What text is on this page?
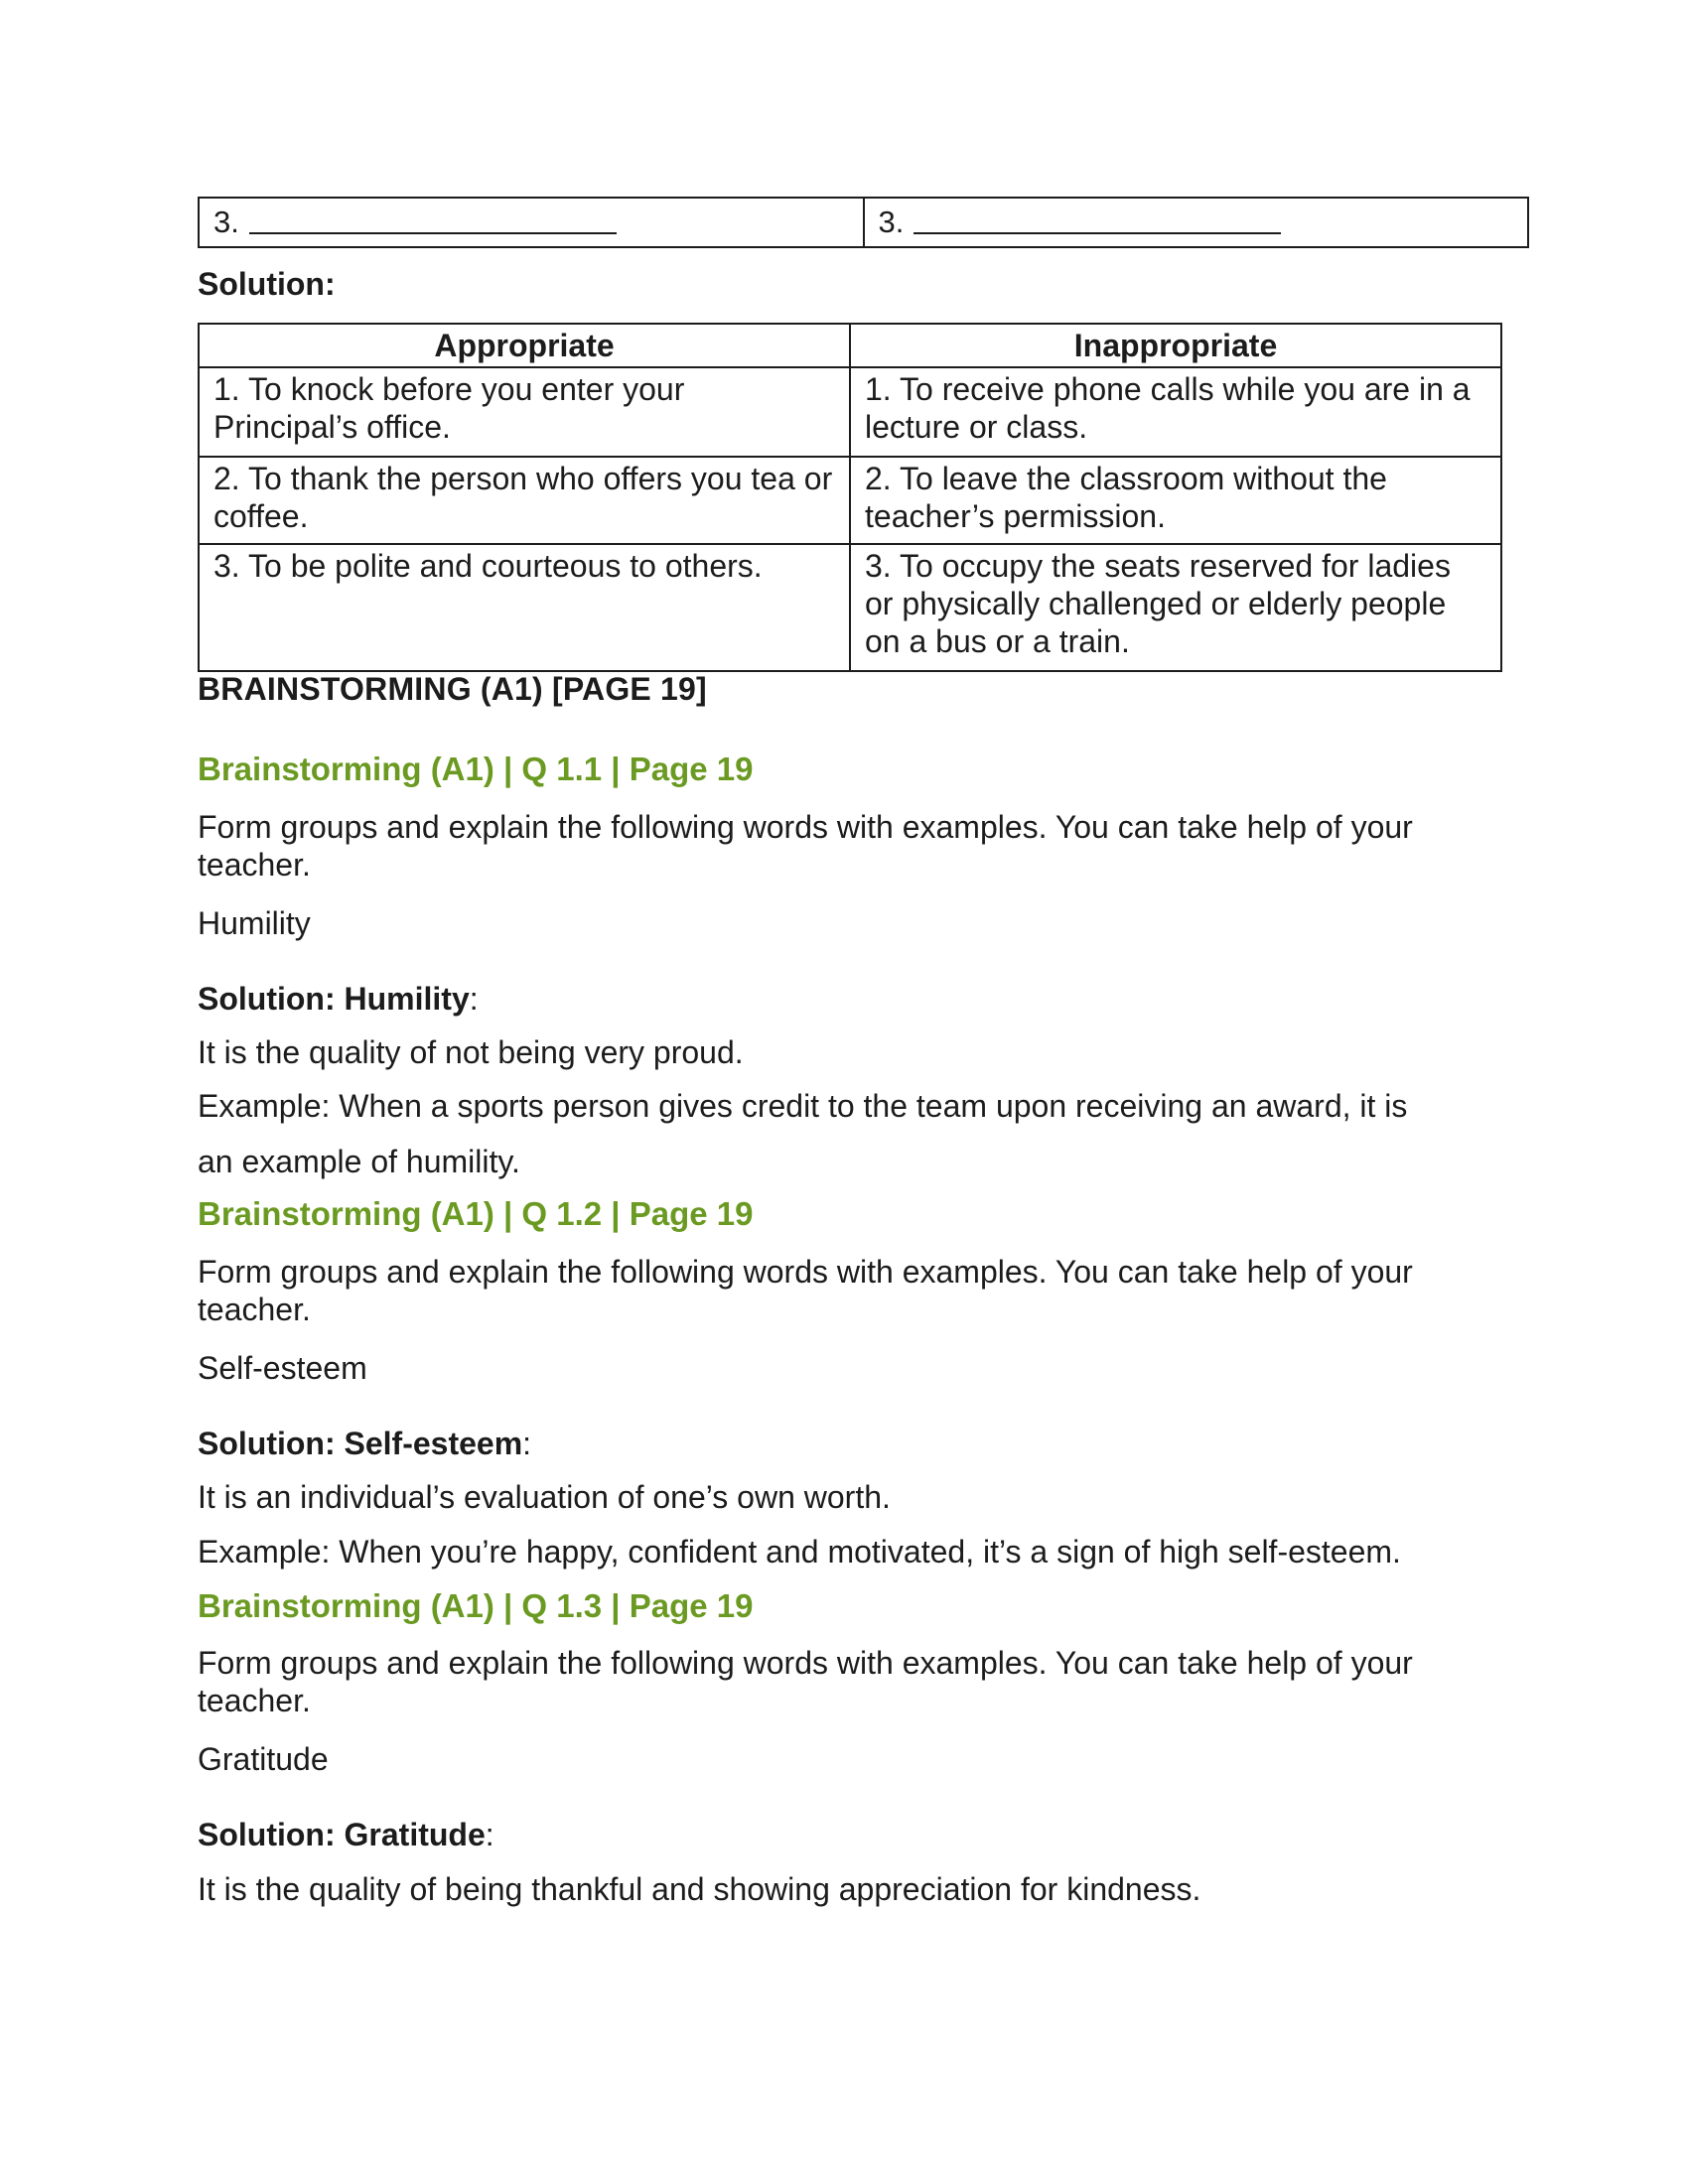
3.	3.
Solution:
Appropriate	Inappropriate
1. To knock before you enter your Principal’s office.	1. To receive phone calls while you are in a lecture or class.
2. To thank the person who offers you tea or coffee.	2. To leave the classroom without the teacher’s permission.
3. To be polite and courteous to others.	3. To occupy the seats reserved for ladies or physically challenged or elderly people on a bus or a train.
BRAINSTORMING (A1) [PAGE 19]
Brainstorming (A1) | Q 1.1 | Page 19
Form groups and explain the following words with examples. You can take help of your teacher.
Humility
Solution: Humility:
It is the quality of not being very proud.
Example: When a sports person gives credit to the team upon receiving an award, it is
an example of humility.
Brainstorming (A1) | Q 1.2 | Page 19
Form groups and explain the following words with examples. You can take help of your teacher.
Self-esteem
Solution: Self-esteem:
It is an individual’s evaluation of one’s own worth.
Example: When you’re happy, confident and motivated, it’s a sign of high self-esteem.
Brainstorming (A1) | Q 1.3 | Page 19
Form groups and explain the following words with examples. You can take help of your teacher.
Gratitude
Solution: Gratitude:
It is the quality of being thankful and showing appreciation for kindness.
